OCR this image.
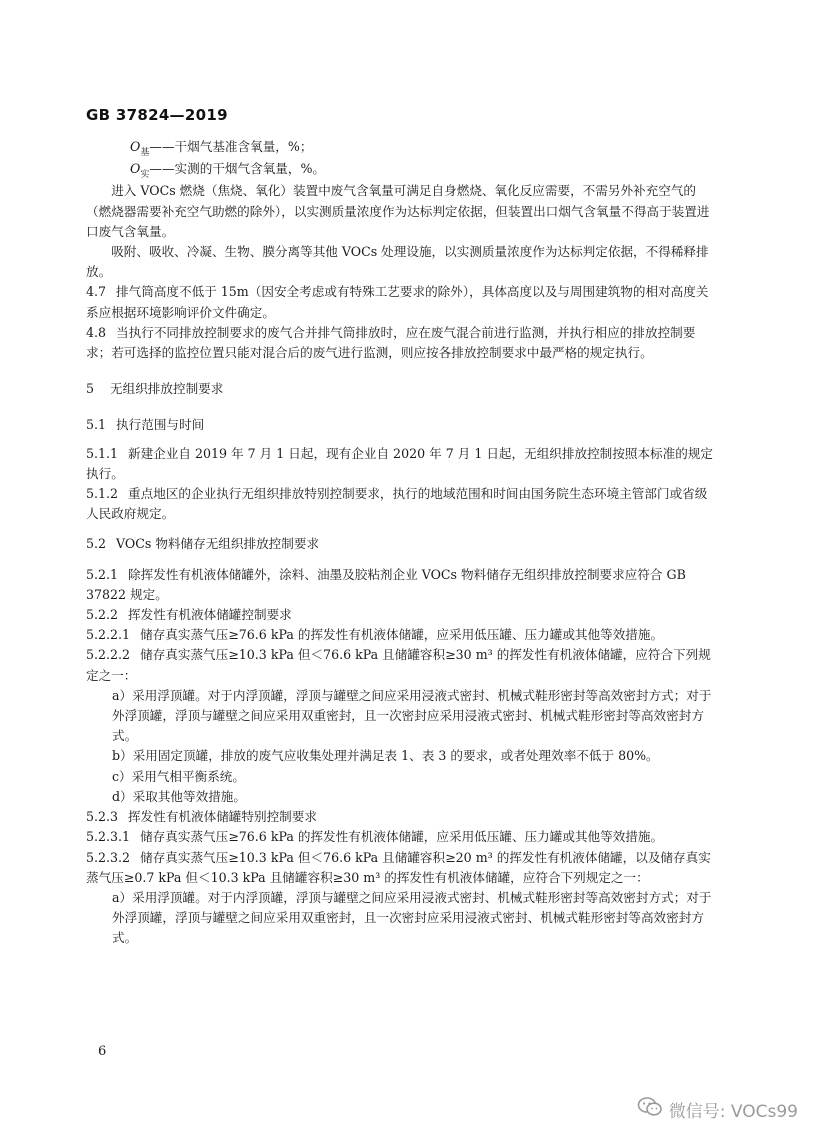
GB 37824—2019

$O_基——$干烟气基准含氧量，%；

$O_实——$实测的干烟气含氧量，%。

进入 VOCs 燃烧（焦烧、氧化）装置中废气含氧量可满足自身燃烧、氧化反应需要，不需另外补充空气的（燃烧器需要补充空气助燃的除外），以实测质量浓度作为达标判定依据，但装置出口烟气含氧量不得高于装置进口废气含氧量。

吸附、吸收、冷凝、生物、膜分离等其他 VOCs 处理设施，以实测质量浓度作为达标判定依据，不得稀释排放。

4.7 排气筒高度不低于 15m（因安全考虑或有特殊工艺要求的除外），具体高度以及与周围建筑物的相对高度关系应根据环境影响评价文件确定。

4.8 当执行不同排放控制要求的废气合并排气筒排放时，应在废气混合前进行监测，并执行相应的排放控制要求；若可选择的监控位置只能对混合后的废气进行监测，则应按各排放控制要求中最严格的规定执行。

5 无组织排放控制要求

5.1 执行范围与时间

5.1.1 新建企业自 2019 年 7 月 1 日起，现有企业自 2020 年 7 月 1 日起，无组织排放控制按照本标准的规定执行。

5.1.2 重点地区的企业执行无组织排放特别控制要求，执行的地域范围和时间由国务院生态环境主管部门或省级人民政府规定。

5.2 VOCs 物料储存无组织排放控制要求

5.2.1 除挥发性有机液体储罐外，涂料、油墨及胶粘剂企业 VOCs 物料储存无组织排放控制要求应符合 GB 37822 规定。

5.2.2 挥发性有机液体储罐控制要求

5.2.2.1 储存真实蒸气压≥76.6 kPa 的挥发性有机液体储罐，应采用低压罐、压力罐或其他等效措施。

5.2.2.2 储存真实蒸气压≥10.3 kPa 但＜76.6 kPa 且储罐容积≥30 m³ 的挥发性有机液体储罐，应符合下列规定之一：

a）采用浮顶罐。对于内浮顶罐，浮顶与罐壁之间应采用浸液式密封、机械式鞋形密封等高效密封方式；对于外浮顶罐，浮顶与罐壁之间应采用双重密封，且一次密封应采用浸液式密封、机械式鞋形密封等高效密封方式。

b）采用固定顶罐，排放的废气应收集处理并满足表 1、表 3 的要求，或者处理效率不低于 80%。

c）采用气相平衡系统。

d）采取其他等效措施。

5.2.3 挥发性有机液体储罐特别控制要求

5.2.3.1 储存真实蒸气压≥76.6 kPa 的挥发性有机液体储罐，应采用低压罐、压力罐或其他等效措施。

5.2.3.2 储存真实蒸气压≥10.3 kPa 但＜76.6 kPa 且储罐容积≥20 m³ 的挥发性有机液体储罐，以及储存真实蒸气压≥0.7 kPa 但＜10.3 kPa 且储罐容积≥30 m³ 的挥发性有机液体储罐，应符合下列规定之一：

a）采用浮顶罐。对于内浮顶罐，浮顶与罐壁之间应采用浸液式密封、机械式鞋形密封等高效密封方式；对于外浮顶罐，浮顶与罐壁之间应采用双重密封，且一次密封应采用浸液式密封、机械式鞋形密封等高效密封方式。

6
微信号: VOCs99
